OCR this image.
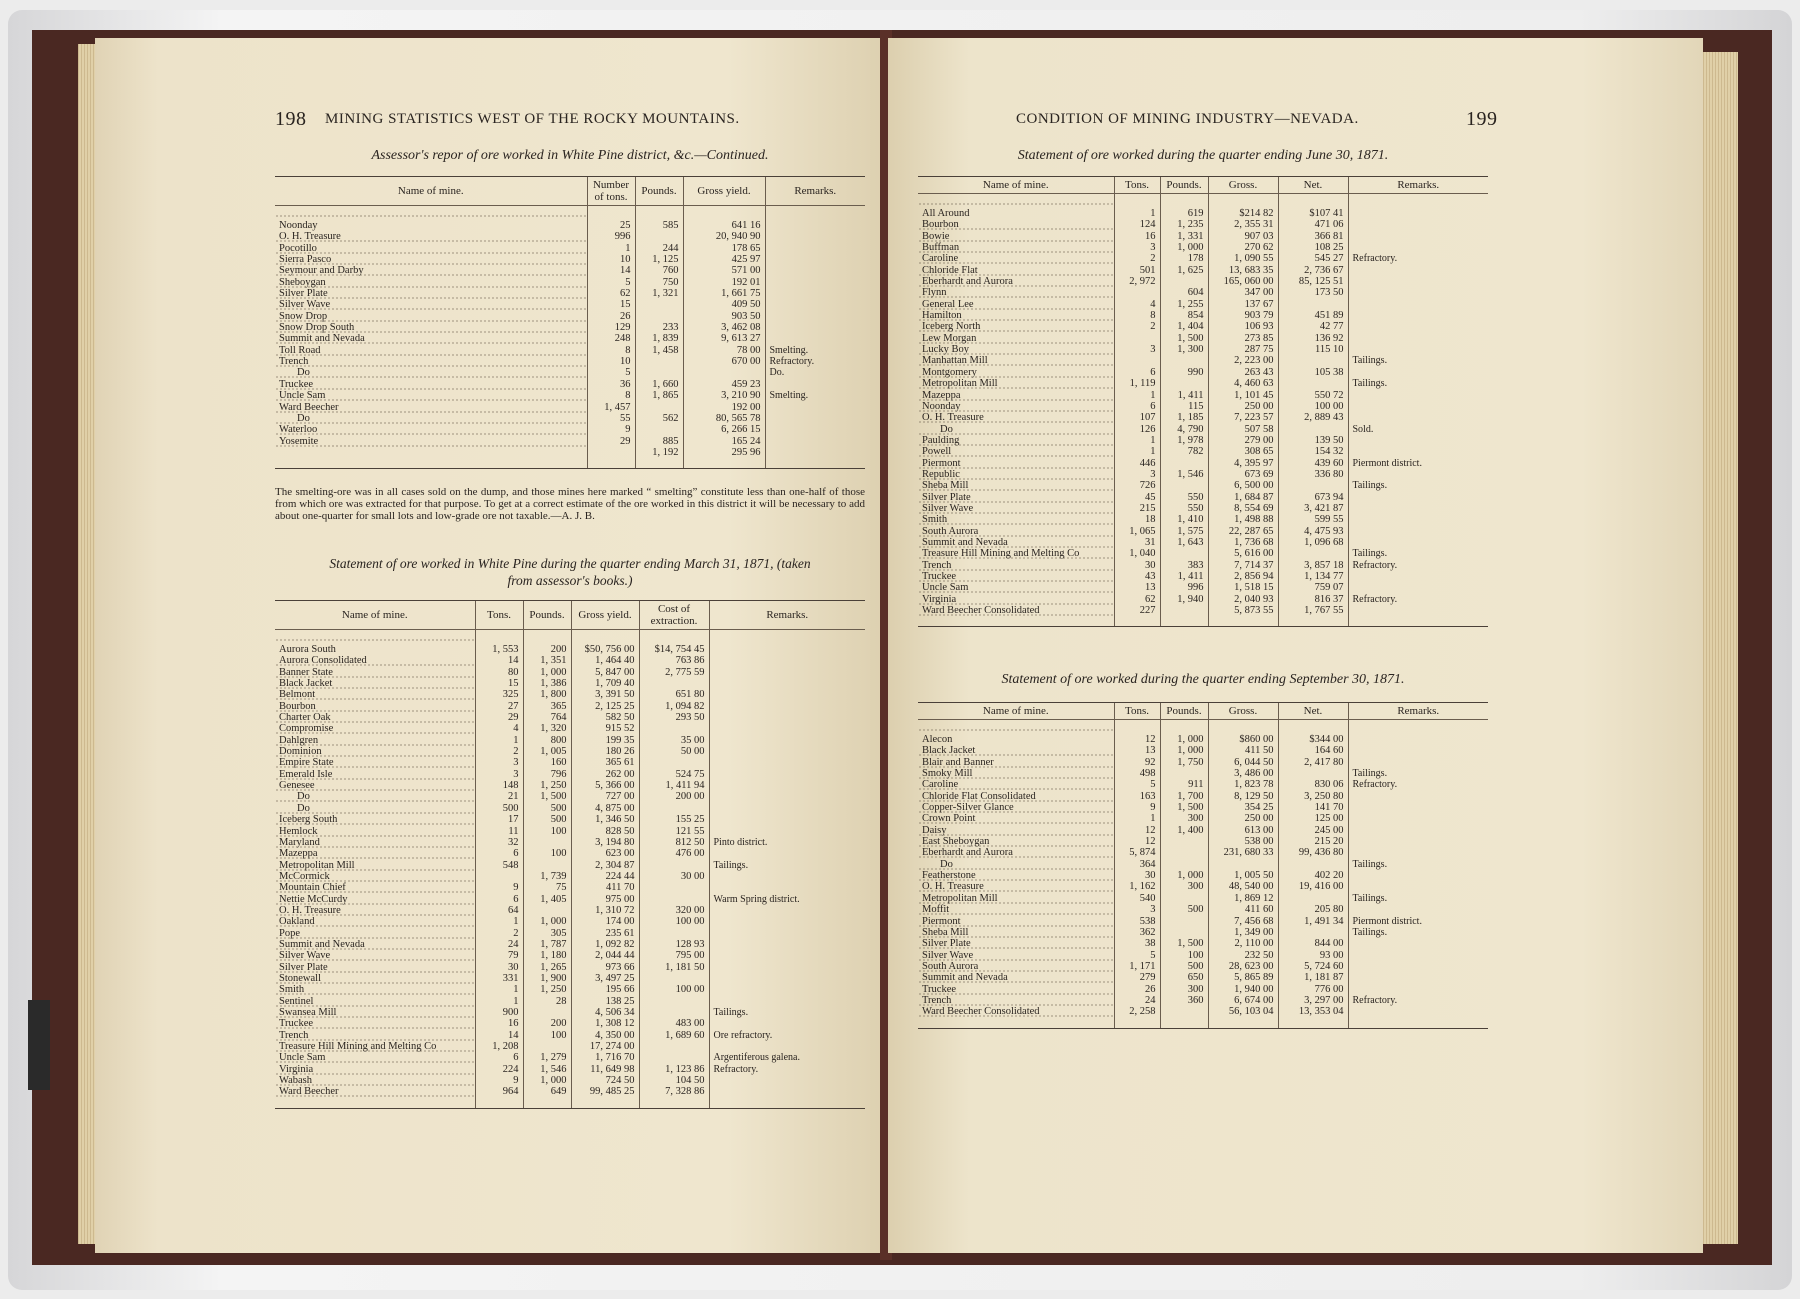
198 MINING STATISTICS WEST OF THE ROCKY MOUNTAINS.
Assessor's repor of ore worked in White Pine district, &c.—Continued.
Name of mine.	Number of tons.	Pounds.	Gross yield.	Remarks.
Noonday	25	585	641 16	
O. H. Treasure	996		20, 940 90	
Pocotillo	1	244	178 65	
Sierra Pasco	10	1, 125	425 97	
Seymour and Darby	14	760	571 00	
Sheboygan	5	750	192 01	
Silver Plate	62	1, 321	1, 661 75	
Silver Wave	15		409 50	
Snow Drop	26		903 50	
Snow Drop South	129	233	3, 462 08	
Summit and Nevada	248	1, 839	9, 613 27	
Toll Road	8	1, 458	78 00	Smelting.
Trench	10		670 00	Refractory.
Do	5			Do.
Truckee	36	1, 660	459 23	
Uncle Sam	8	1, 865	3, 210 90	Smelting.
Ward Beecher	1, 457		192 00	
Do	55	562	80, 565 78	
Waterloo	9		6, 266 15	
Yosemite	29	885	165 24	
		1, 192	295 96	
The smelting-ore was in all cases sold on the dump, and those mines here marked “ smelting” constitute less than one-half of those from which ore was extracted for that purpose. To get at a correct estimate of the ore worked in this district it will be necessary to add about one-quarter for small lots and low-grade ore not taxable.—A. J. B.
Statement of ore worked in White Pine during the quarter ending March 31, 1871, (taken
from assessor's books.)
Name of mine.	Tons.	Pounds.	Gross yield.	Cost of extraction.	Remarks.
Aurora South	1, 553	200	$50, 756 00	$14, 754 45	
Aurora Consolidated	14	1, 351	1, 464 40	763 86	
Banner State	80	1, 000	5, 847 00	2, 775 59	
Black Jacket	15	1, 386	1, 709 40		
Belmont	325	1, 800	3, 391 50	651 80	
Bourbon	27	365	2, 125 25	1, 094 82	
Charter Oak	29	764	582 50	293 50	
Compromise	4	1, 320	915 52		
Dahlgren	1	800	199 35	35 00	
Dominion	2	1, 005	180 26	50 00	
Empire State	3	160	365 61		
Emerald Isle	3	796	262 00	524 75	
Genesee	148	1, 250	5, 366 00	1, 411 94	
Do	21	1, 500	727 00	200 00	
Do	500	500	4, 875 00		
Iceberg South	17	500	1, 346 50	155 25	
Hemlock	11	100	828 50	121 55	
Maryland	32		3, 194 80	812 50	Pinto district.
Mazeppa	6	100	623 00	476 00	
Metropolitan Mill	548		2, 304 87		Tailings.
McCormick		1, 739	224 44	30 00	
Mountain Chief	9	75	411 70		
Nettie McCurdy	6	1, 405	975 00		Warm Spring district.
O. H. Treasure	64		1, 310 72	320 00	
Oakland	1	1, 000	174 00	100 00	
Pope	2	305	235 61		
Summit and Nevada	24	1, 787	1, 092 82	128 93	
Silver Wave	79	1, 180	2, 044 44	795 00	
Silver Plate	30	1, 265	973 66	1, 181 50	
Stonewall	331	1, 900	3, 497 25		
Smith	1	1, 250	195 66	100 00	
Sentinel	1	28	138 25		
Swansea Mill	900		4, 506 34		Tailings.
Truckee	16	200	1, 308 12	483 00	
Trench	14	100	4, 350 00	1, 689 60	Ore refractory.
Treasure Hill Mining and Melting Co	1, 208		17, 274 00		
Uncle Sam	6	1, 279	1, 716 70		Argentiferous galena.
Virginia	224	1, 546	11, 649 98	1, 123 86	Refractory.
Wabash	9	1, 000	724 50	104 50	
Ward Beecher	964	649	99, 485 25	7, 328 86	
CONDITION OF MINING INDUSTRY—NEVADA.	199
Statement of ore worked during the quarter ending June 30, 1871.
Name of mine.	Tons.	Pounds.	Gross.	Net.	Remarks.
All Around	1	619	$214 82	$107 41	
Bourbon	124	1, 235	2, 355 31	471 06	
Bowie	16	1, 331	907 03	366 81	
Buffman	3	1, 000	270 62	108 25	
Caroline	2	178	1, 090 55	545 27	Refractory.
Chloride Flat	501	1, 625	13, 683 35	2, 736 67	
Eberhardt and Aurora	2, 972		165, 060 00	85, 125 51	
Flynn		604	347 00	173 50	
General Lee	4	1, 255	137 67		
Hamilton	8	854	903 79	451 89	
Iceberg North	2	1, 404	106 93	42 77	
Lew Morgan		1, 500	273 85	136 92	
Lucky Boy	3	1, 300	287 75	115 10	
Manhattan Mill			2, 223 00		Tailings.
Montgomery	6	990	263 43	105 38	
Metropolitan Mill	1, 119		4, 460 63		Tailings.
Mazeppa	1	1, 411	1, 101 45	550 72	
Noonday	6	115	250 00	100 00	
O. H. Treasure	107	1, 185	7, 223 57	2, 889 43	
Do	126	4, 790	507 58		Sold.
Paulding	1	1, 978	279 00	139 50	
Powell	1	782	308 65	154 32	
Piermont	446		4, 395 97	439 60	Piermont district.
Republic	3	1, 546	673 69	336 80	
Sheba Mill	726		6, 500 00		Tailings.
Silver Plate	45	550	1, 684 87	673 94	
Silver Wave	215	550	8, 554 69	3, 421 87	
Smith	18	1, 410	1, 498 88	599 55	
South Aurora	1, 065	1, 575	22, 287 65	4, 475 93	
Summit and Nevada	31	1, 643	1, 736 68	1, 096 68	
Treasure Hill Mining and Melting Co	1, 040		5, 616 00		Tailings.
Trench	30	383	7, 714 37	3, 857 18	Refractory.
Truckee	43	1, 411	2, 856 94	1, 134 77	
Uncle Sam	13	996	1, 518 15	759 07	
Virginia	62	1, 940	2, 040 93	816 37	Refractory.
Ward Beecher Consolidated	227		5, 873 55	1, 767 55	
Statement of ore worked during the quarter ending September 30, 1871.
Name of mine.	Tons.	Pounds.	Gross.	Net.	Remarks.
Alecon	12	1, 000	$860 00	$344 00	
Black Jacket	13	1, 000	411 50	164 60	
Blair and Banner	92	1, 750	6, 044 50	2, 417 80	
Smoky Mill	498		3, 486 00		Tailings.
Caroline	5	911	1, 823 78	830 06	Refractory.
Chloride Flat Consolidated	163	1, 700	8, 129 50	3, 250 80	
Copper-Silver Glance	9	1, 500	354 25	141 70	
Crown Point	1	300	250 00	125 00	
Daisy	12	1, 400	613 00	245 00	
East Sheboygan	12		538 00	215 20	
Eberhardt and Aurora	5, 874		231, 680 33	99, 436 80	
Do	364				Tailings.
Featherstone	30	1, 000	1, 005 50	402 20	
O. H. Treasure	1, 162	300	48, 540 00	19, 416 00	
Metropolitan Mill	540		1, 869 12		Tailings.
Moffit	3	500	411 60	205 80	
Piermont	538		7, 456 68	1, 491 34	Piermont district.
Sheba Mill	362		1, 349 00		Tailings.
Silver Plate	38	1, 500	2, 110 00	844 00	
Silver Wave	5	100	232 50	93 00	
South Aurora	1, 171	500	28, 623 00	5, 724 60	
Summit and Nevada	279	650	5, 865 89	1, 181 87	
Truckee	26	300	1, 940 00	776 00	
Trench	24	360	6, 674 00	3, 297 00	Refractory.
Ward Beecher Consolidated	2, 258		56, 103 04	13, 353 04	
